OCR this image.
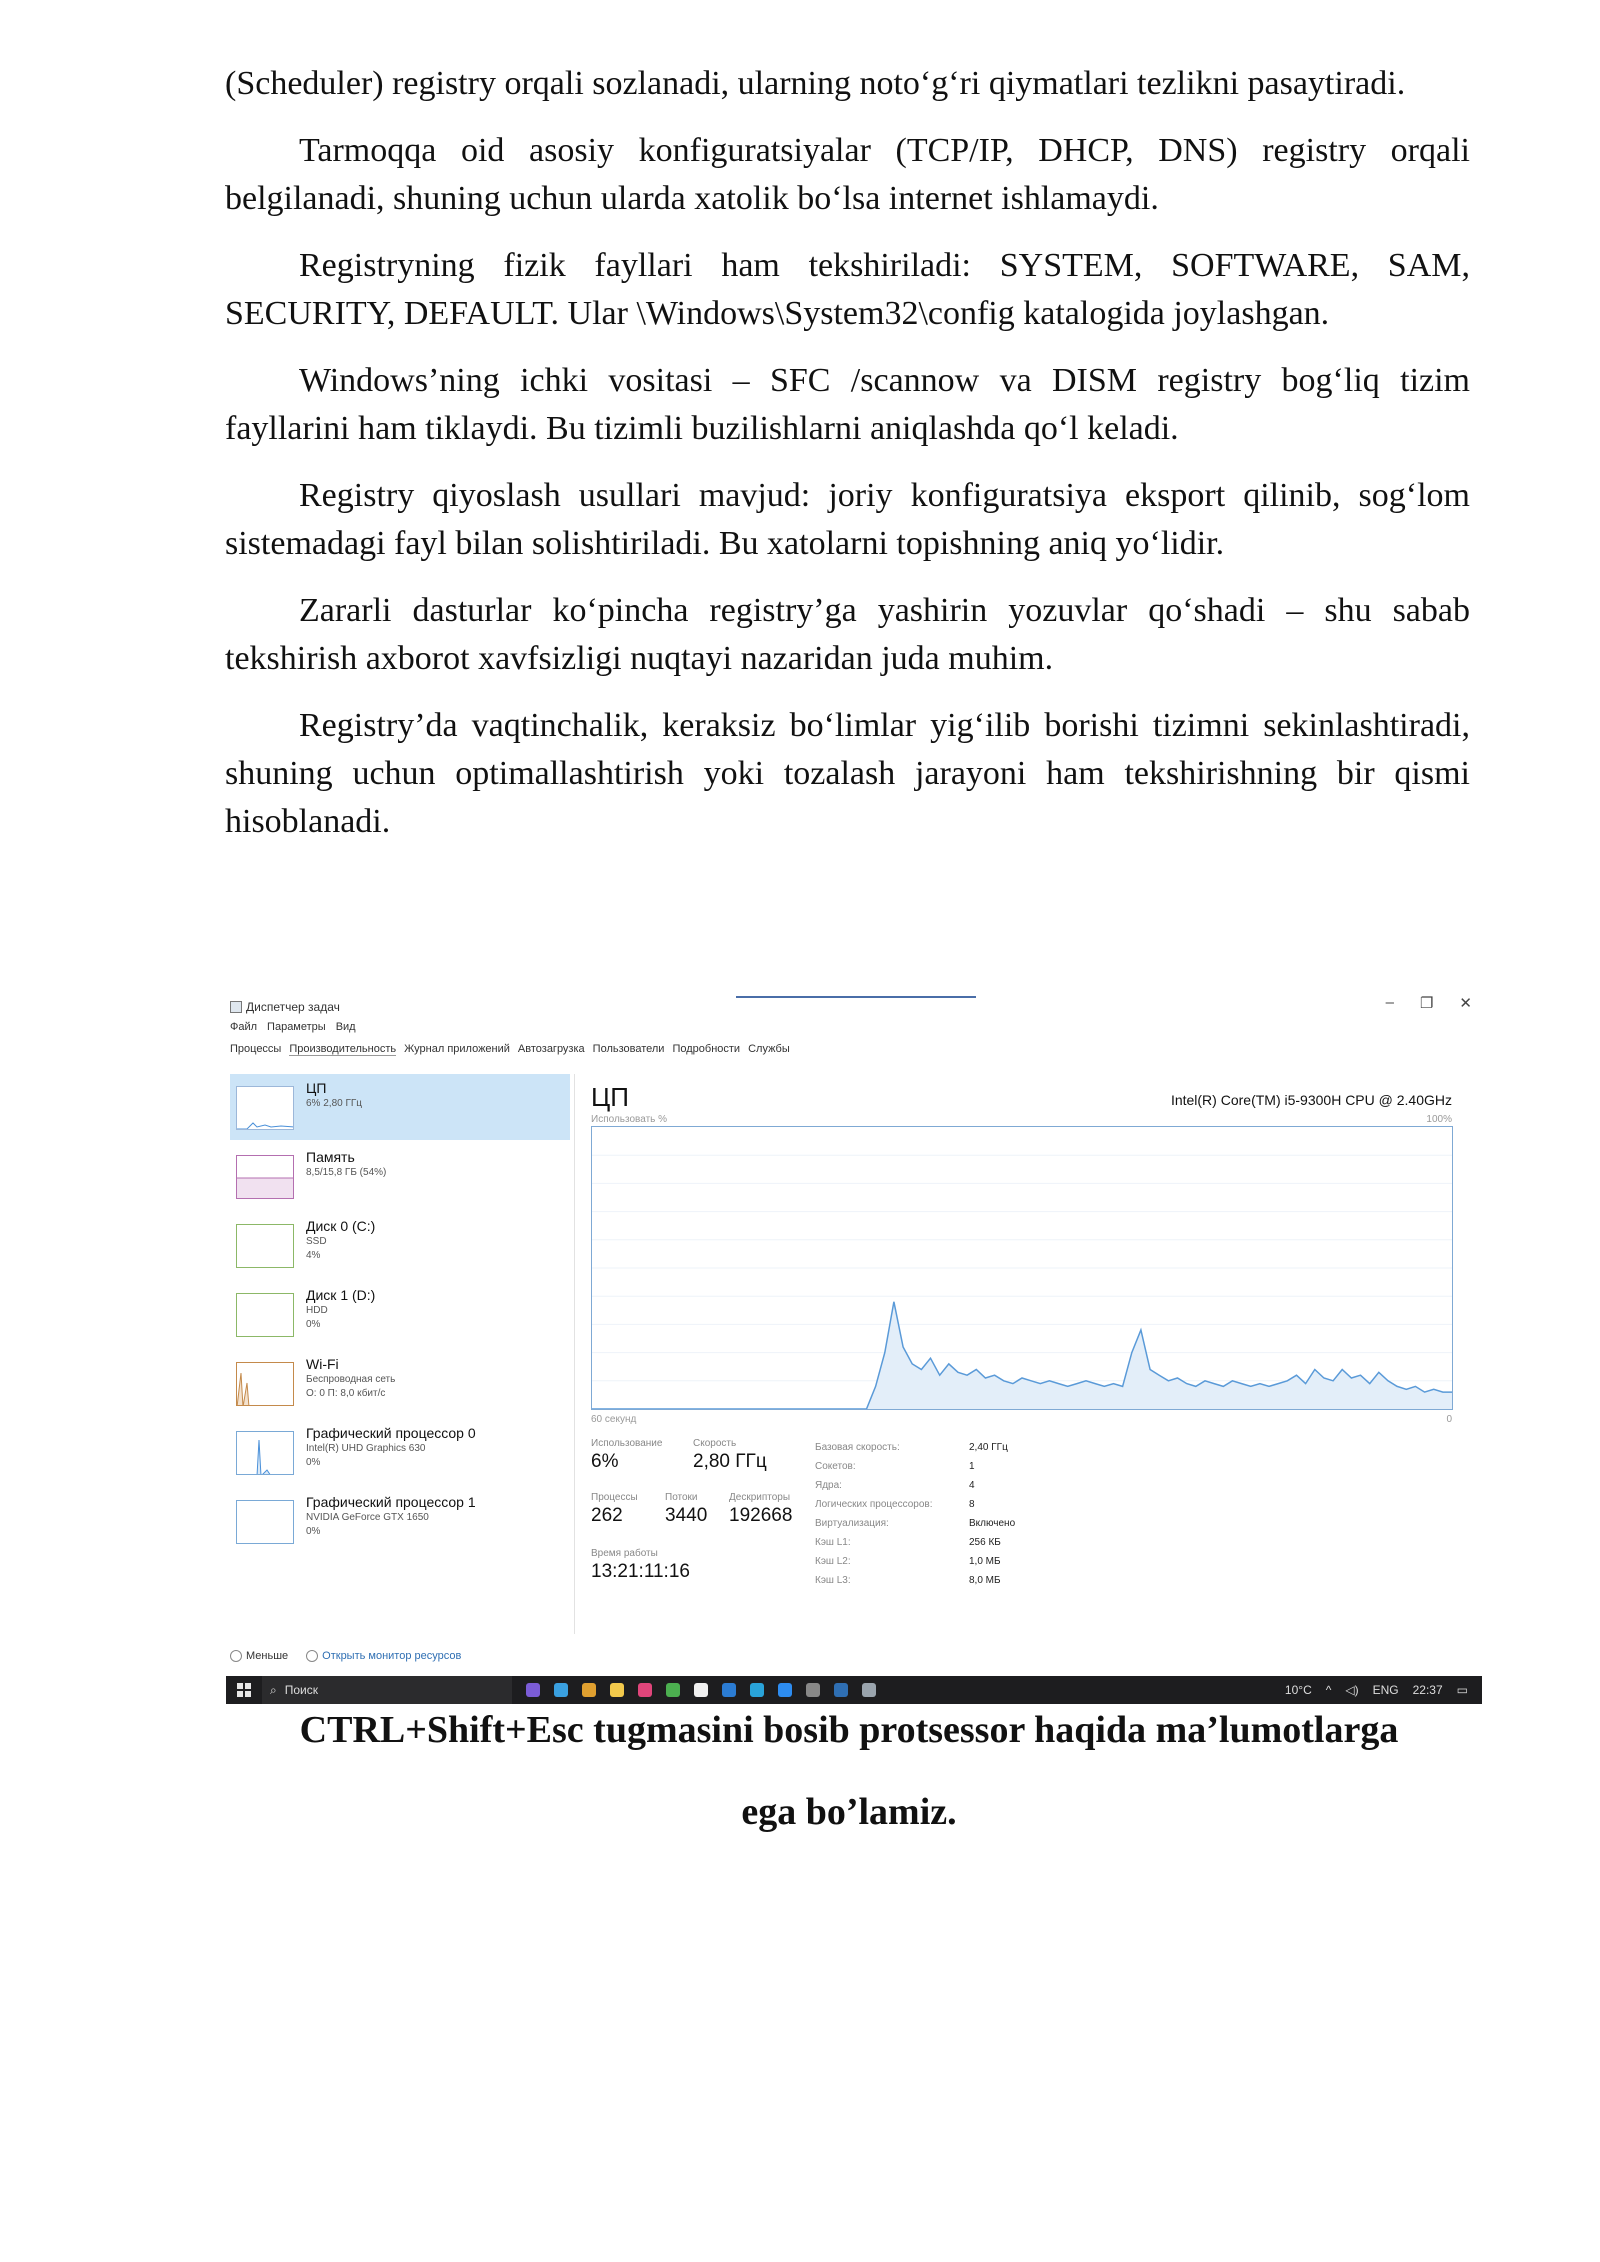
(Scheduler) registry orqali sozlanadi, ularning noto‘g‘ri qiymatlari tezlikni pasaytiradi.

Tarmoqqa oid asosiy konfiguratsiyalar (TCP/IP, DHCP, DNS) registry orqali belgilanadi, shuning uchun ularda xatolik bo‘lsa internet ishlamaydi.

Registryning fizik fayllari ham tekshiriladi: SYSTEM, SOFTWARE, SAM, SECURITY, DEFAULT. Ular \Windows\System32\config katalogida joylashgan.

Windows’ning ichki vositasi – SFC /scannow va DISM registry bog‘liq tizim fayllarini ham tiklaydi. Bu tizimli buzilishlarni aniqlashda qo‘l keladi.

Registry qiyoslash usullari mavjud: joriy konfiguratsiya eksport qilinib, sog‘lom sistemadagi fayl bilan solishtiriladi. Bu xatolarni topishning aniq yo‘lidir.

Zararli dasturlar ko‘pincha registry’ga yashirin yozuvlar qo‘shadi – shu sabab tekshirish axborot xavfsizligi nuqtayi nazaridan juda muhim.

Registry’da vaqtinchalik, keraksiz bo‘limlar yig‘ilib borishi tizimni sekinlashtiradi, shuning uchun optimallashtirish yoki tozalash jarayoni ham tekshirishning bir qismi hisoblanadi.

Диспетчер задач	– ❐ ✕
Файл Параметры Вид
Процессы Производительность Журнал приложений Автозагрузка Пользователи Подробности Службы
ЦП
6% 2,80 ГГц
Память
8,5/15,8 ГБ (54%)
Диск 0 (C:)
SSD
4%
Диск 1 (D:)
HDD
0%
Wi-Fi
Беспроводная сеть
О: 0 П: 8,0 кбит/с
Графический процессор 0
Intel(R) UHD Graphics 630
0%
Графический процессор 1
NVIDIA GeForce GTX 1650
0%
ЦП	Intel(R) Core(TM) i5-9300H CPU @ 2.40GHz
Использовать %	100%
60 секунд	0
Использование
6%
Скорость
2,80 ГГц
Процессы
262
Потоки
3440
Дескрипторы
192668
Время работы
13:21:11:16
Базовая скорость:	2,40 ГГц
Сокетов:	1
Ядра:	4
Логических процессоров:	8
Виртуализация:	Включено
Кэш L1:	256 КБ
Кэш L2:	1,0 МБ
Кэш L3:	8,0 МБ
Меньше	Открыть монитор ресурсов
⌕ Поиск	10°C ^ ◁) ENG 22:37 ▭
CTRL+Shift+Esc tugmasini bosib protsessor haqida ma’lumotlarga
ega bo’lamiz.
